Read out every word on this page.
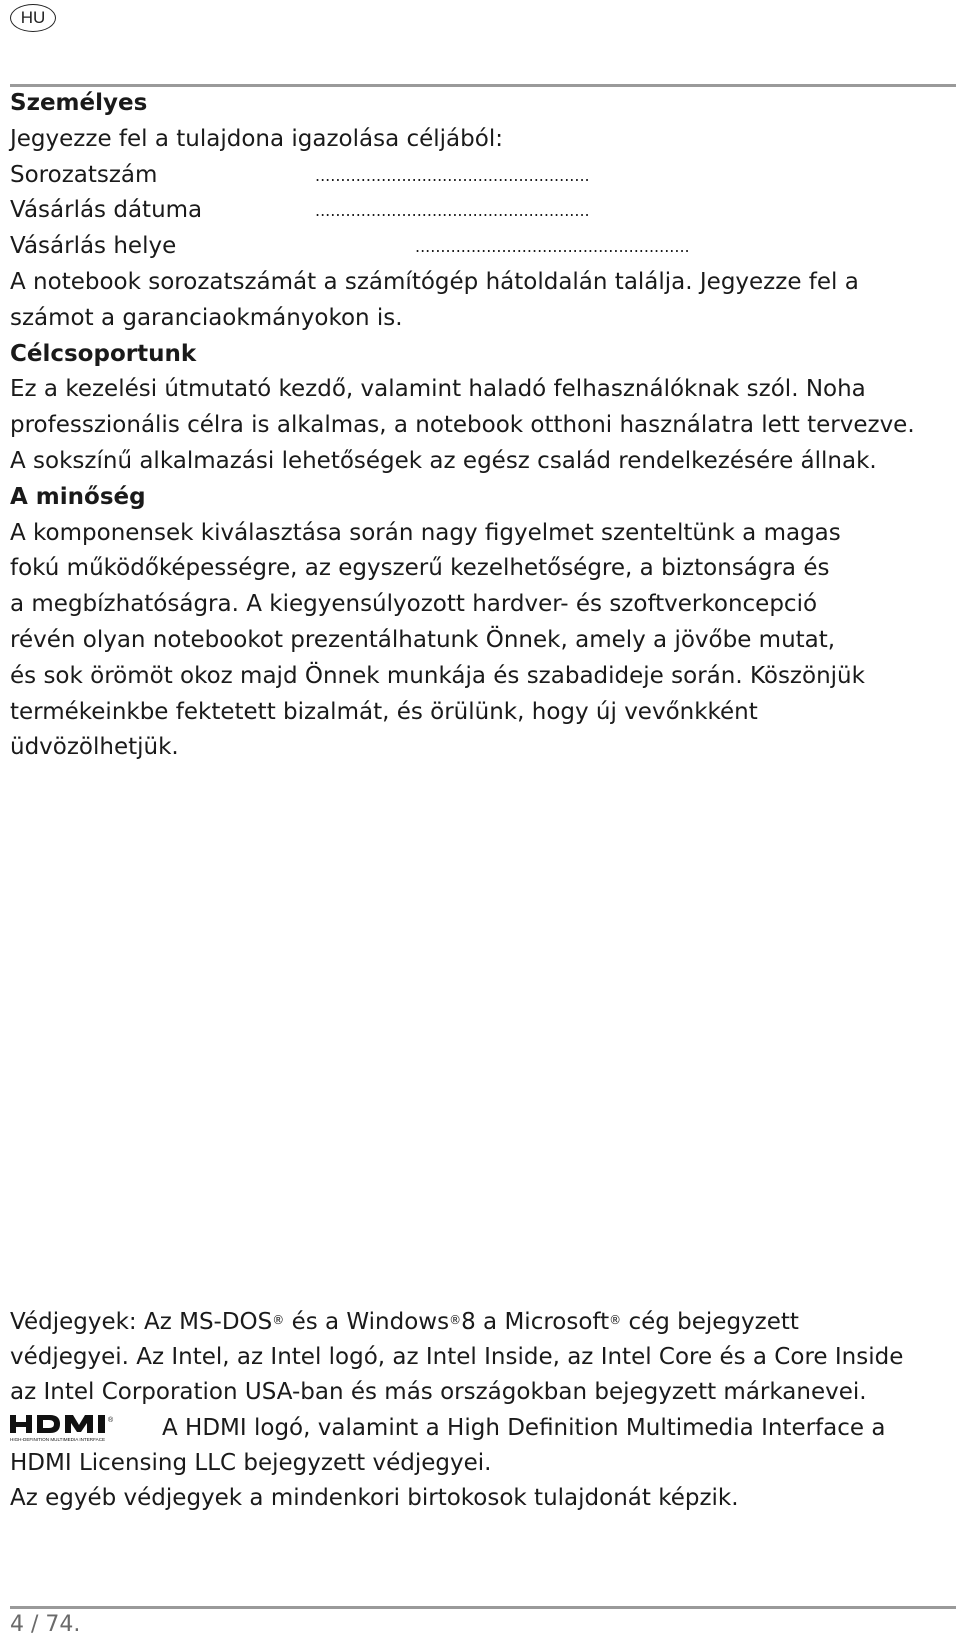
HU
Személyes
Jegyezze fel a tulajdona igazolása céljából:
Sorozatszám	......................................................
Vásárlás dátuma	......................................................
Vásárlás helye	......................................................
A notebook sorozatszámát a számítógép hátoldalán találja. Jegyezze fel a
számot a garanciaokmányokon is.
Célcsoportunk
Ez a kezelési útmutató kezdő, valamint haladó felhasználóknak szól. Noha
professzionális célra is alkalmas, a notebook otthoni használatra lett tervezve.
A sokszínű alkalmazási lehetőségek az egész család rendelkezésére állnak.
A minőség
A komponensek kiválasztása során nagy figyelmet szenteltünk a magas
fokú működőképességre, az egyszerű kezelhetőségre, a biztonságra és
a megbízhatóságra. A kiegyensúlyozott hardver- és szoftverkoncepció
révén olyan notebookot prezentálhatunk Önnek, amely a jövőbe mutat,
és sok örömöt okoz majd Önnek munkája és szabadideje során. Köszönjük
termékeinkbe fektetett bizalmát, és örülünk, hogy új vevőnkként
üdvözölhetjük.
Védjegyek: Az MS-DOS® és a Windows®8 a Microsoft® cég bejegyzett
védjegyei. Az Intel, az Intel logó, az Intel Inside, az Intel Core és a Core Inside
az Intel Corporation USA-ban és más országokban bejegyzett márkanevei.
®
HIGH-DEFINITION MULTIMEDIA INTERFACE A HDMI logó, valamint a High Definition Multimedia Interface a
HDMI Licensing LLC bejegyzett védjegyei.
Az egyéb védjegyek a mindenkori birtokosok tulajdonát képzik.
4 / 74.
